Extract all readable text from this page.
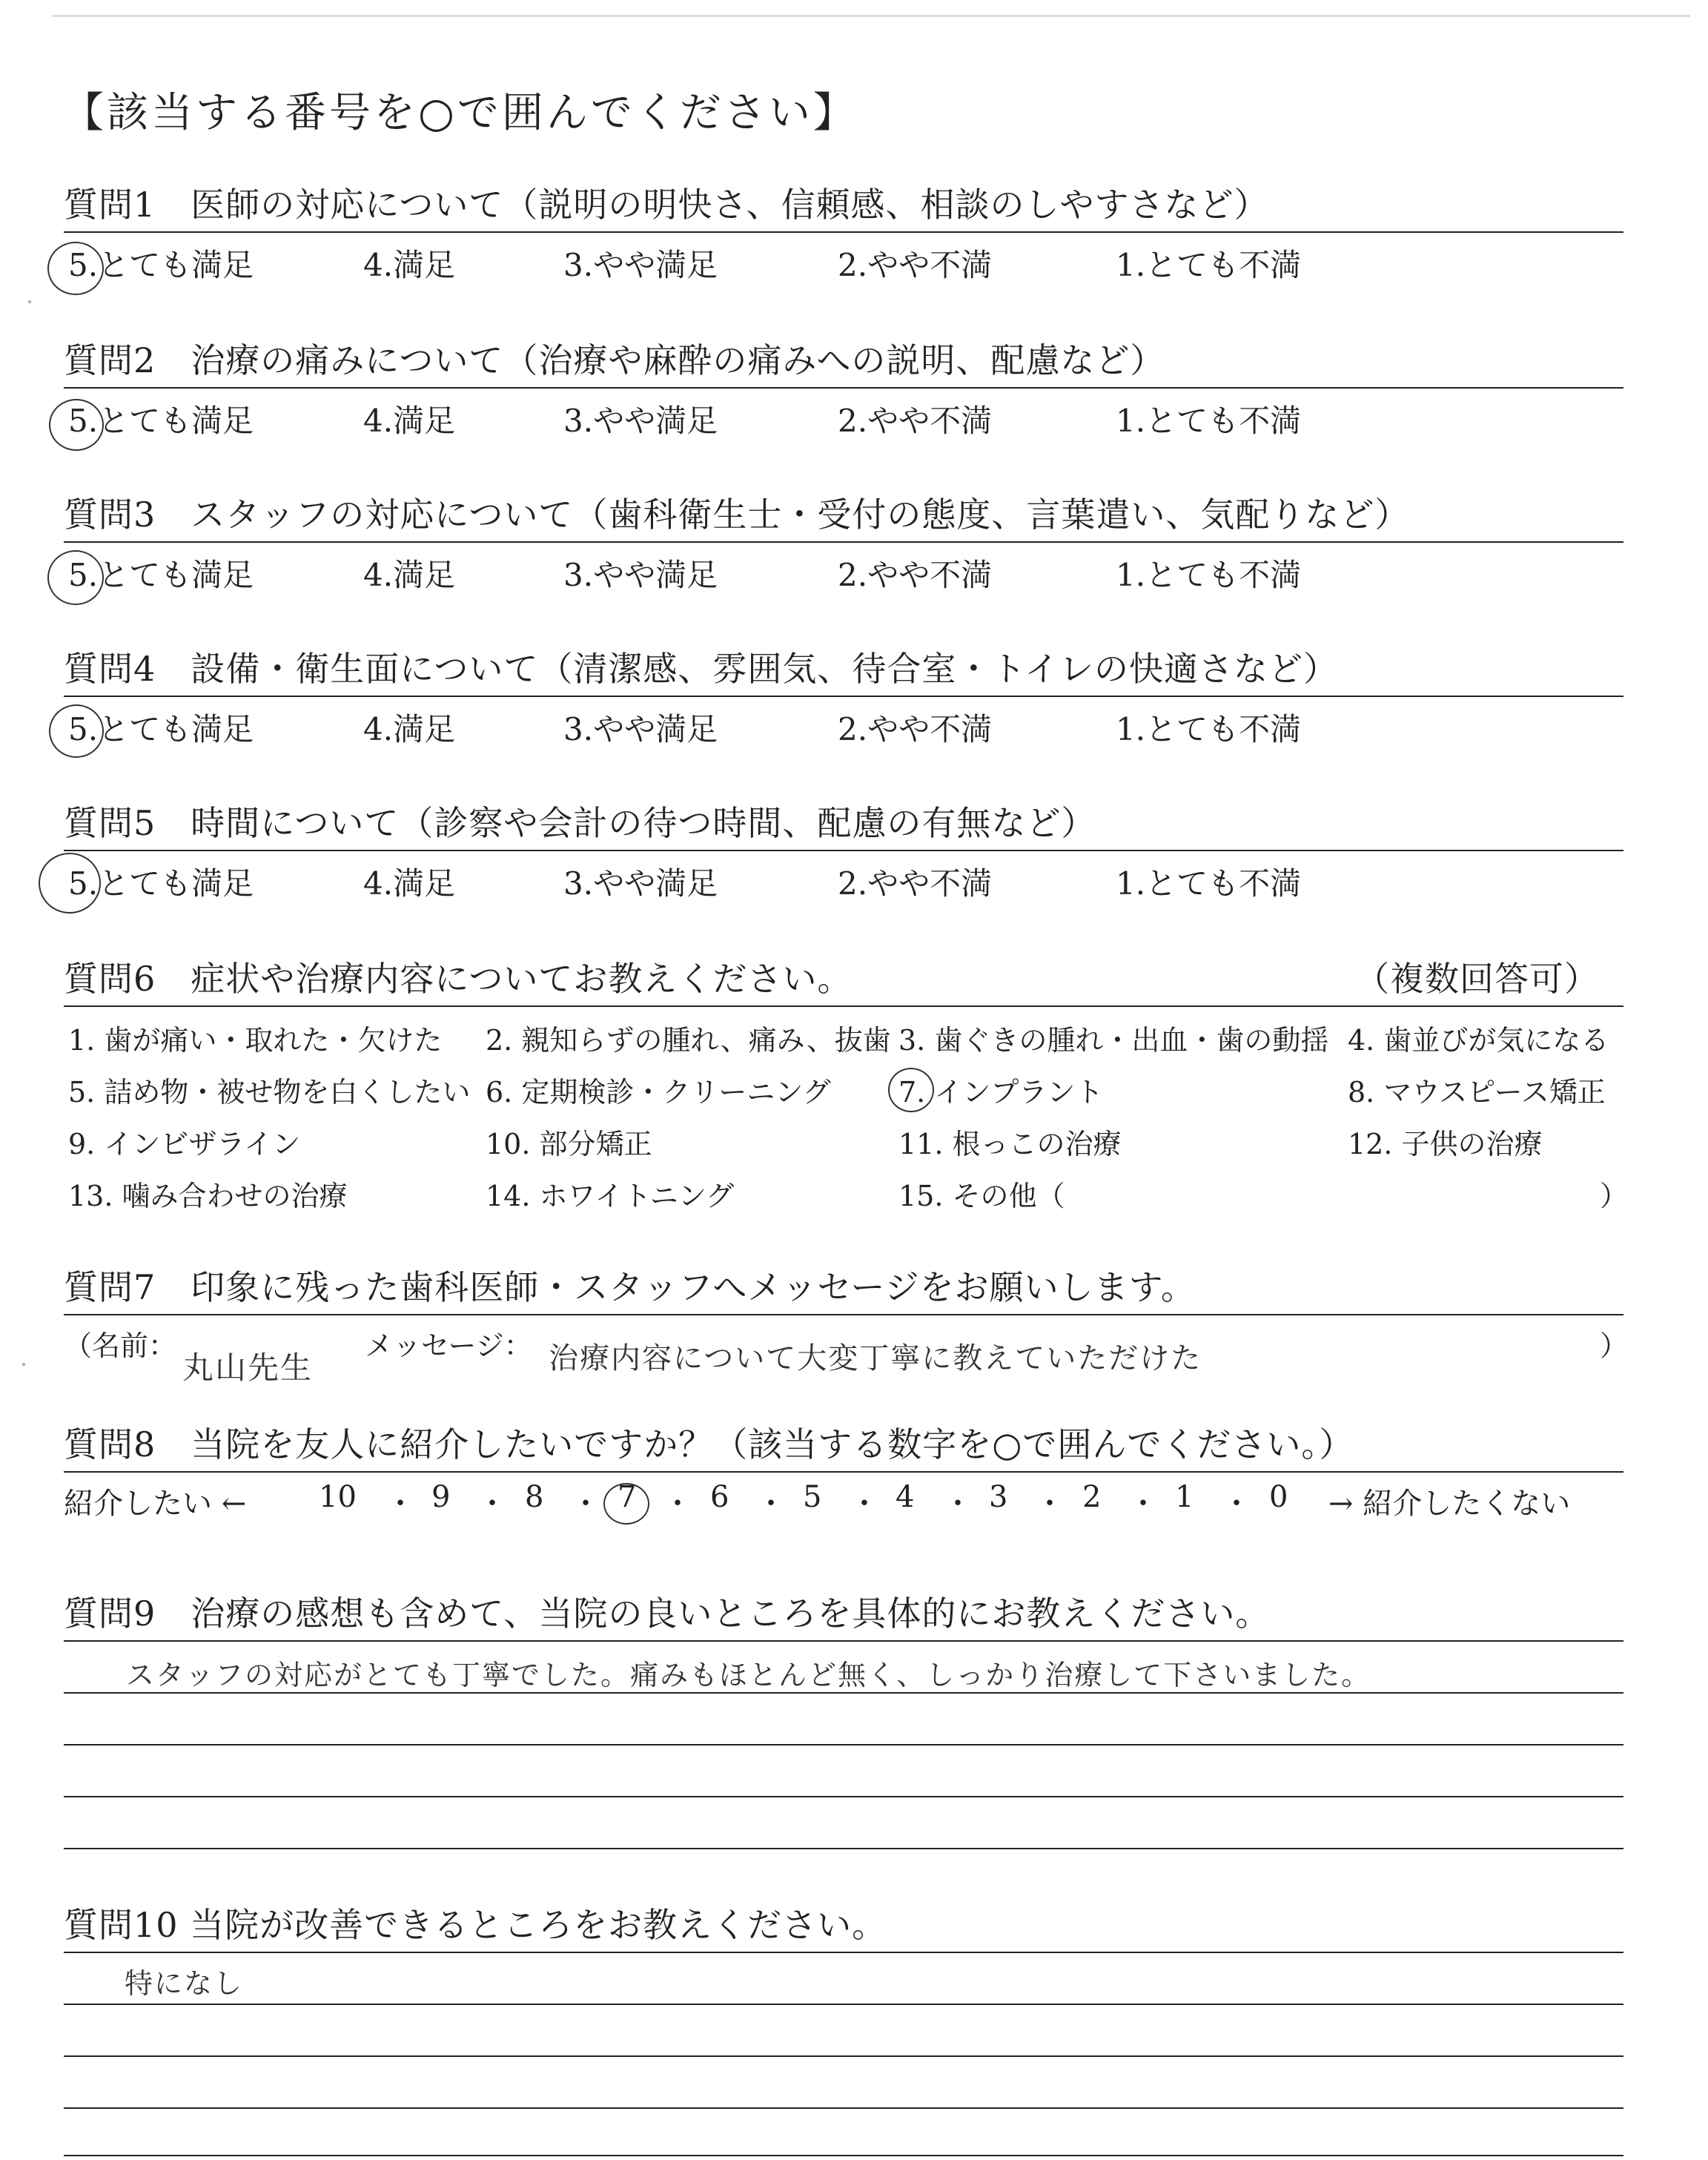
【該当する番号を○で囲んでください】
質問1　医師の対応について（説明の明快さ、信頼感、相談のしやすさなど）
5.とても満足	4.満足	3.やや満足	2.やや不満	1.とても不満
質問2　治療の痛みについて（治療や麻酔の痛みへの説明、配慮など）
5.とても満足	4.満足	3.やや満足	2.やや不満	1.とても不満
質問3　スタッフの対応について（歯科衛生士・受付の態度、言葉遣い、気配りなど）
5.とても満足	4.満足	3.やや満足	2.やや不満	1.とても不満
質問4　設備・衛生面について（清潔感、雰囲気、待合室・トイレの快適さなど）
5.とても満足	4.満足	3.やや満足	2.やや不満	1.とても不満
質問5　時間について（診察や会計の待つ時間、配慮の有無など）
5.とても満足	4.満足	3.やや満足	2.やや不満	1.とても不満
質問6　症状や治療内容についてお教えください。	（複数回答可）
1. 歯が痛い・取れた・欠けた 2. 親知らずの腫れ、痛み、抜歯 3. 歯ぐきの腫れ・出血・歯の動揺 4. 歯並びが気になる
5. 詰め物・被せ物を白くしたい 6. 定期検診・クリーニング 7. インプラント	8. マウスピース矯正
9. インビザライン	10. 部分矯正	11. 根っこの治療	12. 子供の治療
13. 噛み合わせの治療	14. ホワイトニング	15. その他（	）
質問7　印象に残った歯科医師・スタッフへメッセージをお願いします。
（名前：
丸山先生
メッセージ： 治療内容について大変丁寧に教えていただけた	）
質問8　当院を友人に紹介したいですか？（該当する数字を○で囲んでください。）
紹介したい ← 10 ・ 9 ・ 8 ・ 7 ・ 6 ・ 5 ・ 4 ・ 3 ・ 2 ・ 1 ・ 0 → 紹介したくない
質問9　治療の感想も含めて、当院の良いところを具体的にお教えください。
スタッフの対応がとても丁寧でした。痛みもほとんど無く、しっかり治療して下さいました。
質問10 当院が改善できるところをお教えください。
特になし
